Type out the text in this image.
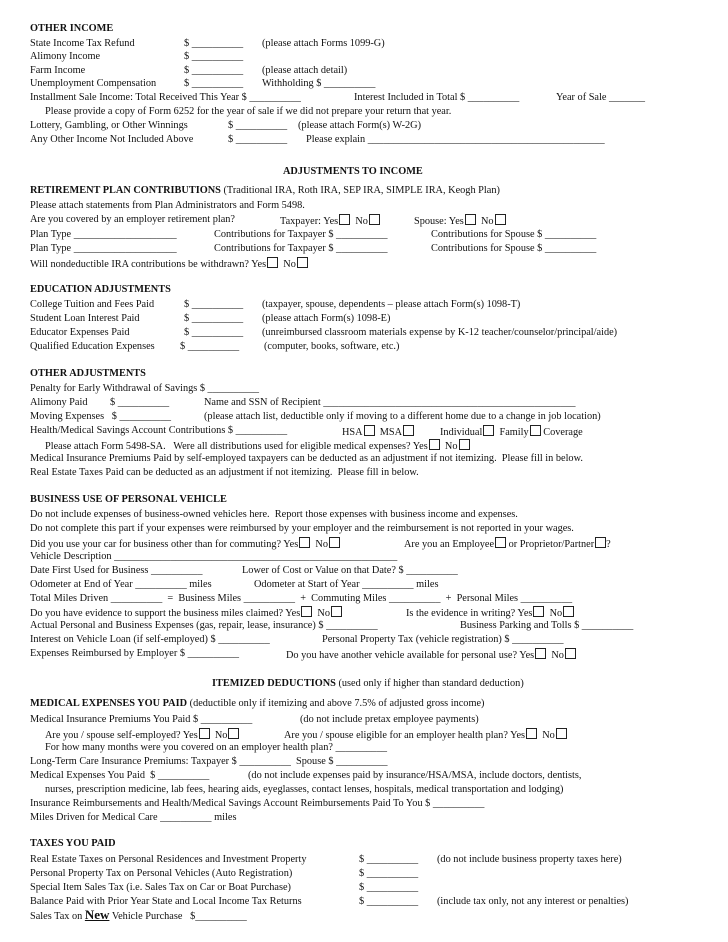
OTHER INCOME
State Income Tax Refund	$ __________ (please attach Forms 1099-G)
Alimony Income	$ __________
Farm Income	$ __________ (please attach detail)
Unemployment Compensation	$ __________ Withholding $ __________
Installment Sale Income: Total Received This Year $ __________	Interest Included in Total $ __________	Year of Sale _______
Please provide a copy of Form 6252 for the year of sale if we did not prepare your return that year.
Lottery, Gambling, or Other Winnings	$ __________ (please attach Form(s) W-2G)
Any Other Income Not Included Above	$ __________ Please explain ______________________________________________
ADJUSTMENTS TO INCOME
RETIREMENT PLAN CONTRIBUTIONS (Traditional IRA, Roth IRA, SEP IRA, SIMPLE IRA, Keogh Plan)
Please attach statements from Plan Administrators and Form 5498.
Are you covered by an employer retirement plan?	Taxpayer: Yes No	Spouse: Yes No
Plan Type ____________________	Contributions for Taxpayer $ __________	Contributions for Spouse $ __________
Plan Type ____________________	Contributions for Taxpayer $ __________	Contributions for Spouse $ __________
Will nondeductible IRA contributions be withdrawn? Yes No
EDUCATION ADJUSTMENTS
College Tuition and Fees Paid	$ __________ (taxpayer, spouse, dependents – please attach Form(s) 1098-T)
Student Loan Interest Paid	$ __________ (please attach Form(s) 1098-E)
Educator Expenses Paid	$ __________ (unreimbursed classroom materials expense by K-12 teacher/counselor/principal/aide)
Qualified Education Expenses $ __________ (computer, books, software, etc.)
OTHER ADJUSTMENTS
Penalty for Early Withdrawal of Savings $ __________
Alimony Paid $ __________	Name and SSN of Recipient _________________________________________________
Moving Expenses   $ __________	(please attach list, deductible only if moving to a different home due to a change in job location)
Health/Medical Savings Account Contributions $ __________	HSA MSA	Individual Family Coverage
Please attach Form 5498-SA.   Were all distributions used for eligible medical expenses? Yes No
Medical Insurance Premiums Paid by self-employed taxpayers can be deducted as an adjustment if not itemizing.  Please fill in below.
Real Estate Taxes Paid can be deducted as an adjustment if not itemizing.  Please fill in below.
BUSINESS USE OF PERSONAL VEHICLE
Do not include expenses of business-owned vehicles here.  Report those expenses with business income and expenses.
Do not complete this part if your expenses were reimbursed by your employer and the reimbursement is not reported in your wages.
Did you use your car for business other than for commuting? Yes No	Are you an Employee or Proprietor/Partner ?
Vehicle Description _______________________________________________________
Date First Used for Business __________	Lower of Cost or Value on that Date? $ __________
Odometer at End of Year __________ miles	Odometer at Start of Year __________ miles
Total Miles Driven __________  =  Business Miles __________  +  Commuting Miles __________  +  Personal Miles __________
Do you have evidence to support the business miles claimed? Yes No	Is the evidence in writing? Yes No
Actual Personal and Business Expenses (gas, repair, lease, insurance) $ __________	Business Parking and Tolls $ __________
Interest on Vehicle Loan (if self-employed) $ __________	Personal Property Tax (vehicle registration) $ __________
Expenses Reimbursed by Employer $ __________	Do you have another vehicle available for personal use? Yes No
ITEMIZED DEDUCTIONS (used only if higher than standard deduction)
MEDICAL EXPENSES YOU PAID (deductible only if itemizing and above 7.5% of adjusted gross income)
Medical Insurance Premiums You Paid $ __________	(do not include pretax employee payments)
Are you / spouse self-employed? Yes No	Are you / spouse eligible for an employer health plan? Yes No
For how many months were you covered on an employer health plan? __________
Long-Term Care Insurance Premiums: Taxpayer $ __________  Spouse $ __________
Medical Expenses You Paid  $ __________	(do not include expenses paid by insurance/HSA/MSA, include doctors, dentists,
nurses, prescription medicine, lab fees, hearing aids, eyeglasses, contact lenses, hospitals, medical transportation and lodging)
Insurance Reimbursements and Health/Medical Savings Account Reimbursements Paid To You $ __________
Miles Driven for Medical Care __________ miles
TAXES YOU PAID
Real Estate Taxes on Personal Residences and Investment Property	$ __________ (do not include business property taxes here)
Personal Property Tax on Personal Vehicles (Auto Registration)	$ __________
Special Item Sales Tax (i.e. Sales Tax on Car or Boat Purchase)	$ __________
Balance Paid with Prior Year State and Local Income Tax Returns	$ __________ (include tax only, not any interest or penalties)
Sales Tax on New Vehicle Purchase   $__________
